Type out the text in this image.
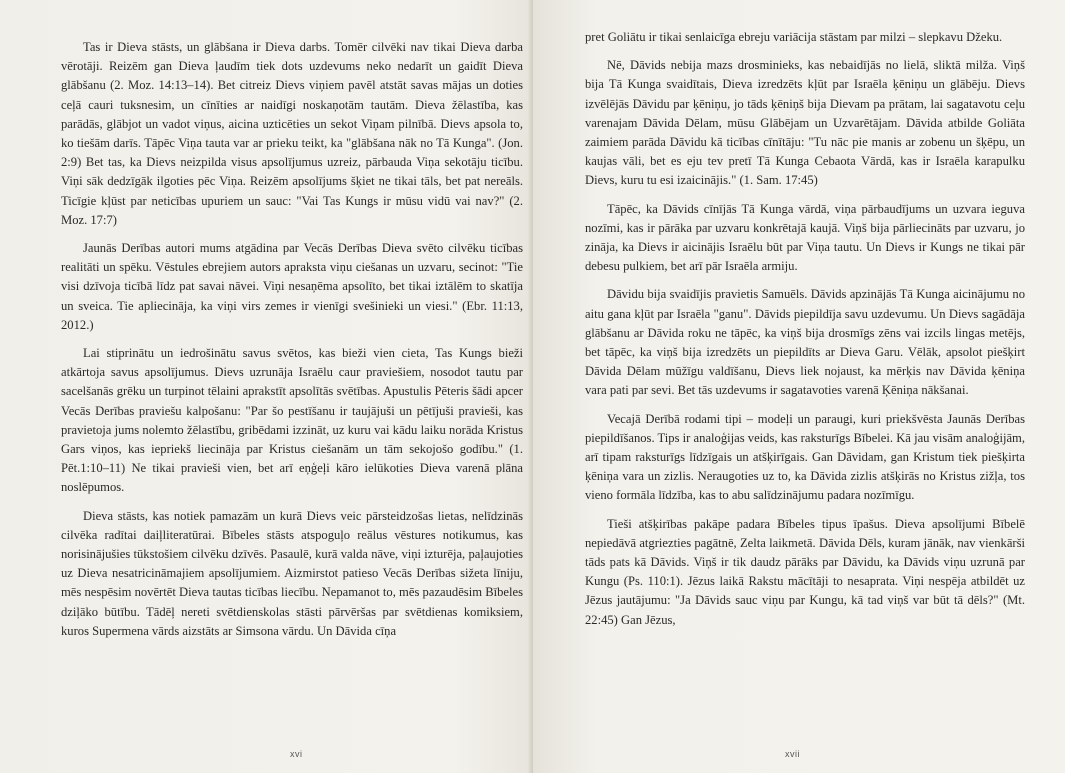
Tas ir Dieva stāsts, un glābšana ir Dieva darbs. Tomēr cilvēki nav tikai Dieva darba vērotāji. Reizēm gan Dieva ļaudīm tiek dots uzdevums neko nedarīt un gaidīt Dieva glābšanu (2. Moz. 14:13–14). Bet citreiz Dievs viņiem pavēl atstāt savas mājas un doties ceļā cauri tuksnesim, un cīnīties ar naidīgi noskaņotām tautām. Dieva žēlastība, kas parādās, glābjot un vadot viņus, aicina uzticēties un sekot Viņam pilnībā. Dievs apsola to, ko tiešām darīs. Tāpēc Viņa tauta var ar prieku teikt, ka "glābšana nāk no Tā Kunga". (Jon. 2:9) Bet tas, ka Dievs neizpilda visus apsolījumus uzreiz, pārbauda Viņa sekotāju ticību. Viņi sāk dedzīgāk ilgoties pēc Viņa. Reizēm apsolījums šķiet ne tikai tāls, bet pat nereāls. Ticīgie kļūst par neticības upuriem un sauc: "Vai Tas Kungs ir mūsu vidū vai nav?" (2. Moz. 17:7)

Jaunās Derības autori mums atgādina par Vecās Derības Dieva svēto cilvēku ticības realitāti un spēku. Vēstules ebrejiem autors apraksta viņu ciešanas un uzvaru, secinot: "Tie visi dzīvoja ticībā līdz pat savai nāvei. Viņi nesaņēma apsolīto, bet tikai iztālēm to skatīja un sveica. Tie apliecināja, ka viņi virs zemes ir vienīgi svešinieki un viesi." (Ebr. 11:13, 2012.)

Lai stiprinātu un iedrošinātu savus svētos, kas bieži vien cieta, Tas Kungs bieži atkārtoja savus apsolījumus. Dievs uzrunāja Israēlu caur praviešiem, nosodot tautu par sacelšanās grēku un turpinot tēlaini aprakstīt apsolītās svētības. Apustulis Pēteris šādi apcer Vecās Derības praviešu kalpošanu: "Par šo pestīšanu ir taujājuši un pētījuši pravieši, kas pravietoja jums nolemto žēlastību, gribēdami izzināt, uz kuru vai kādu laiku norāda Kristus Gars viņos, kas iepriekš liecināja par Kristus ciešanām un tām sekojošo godību." (1. Pēt.1:10–11) Ne tikai pravieši vien, bet arī eņģeļi kāro ielūkoties Dieva varenā plāna noslēpumos.

Dieva stāsts, kas notiek pamazām un kurā Dievs veic pārsteidzošas lietas, nelīdzinās cilvēka radītai daiļliteratūrai. Bībeles stāsts atspoguļo reālus vēstures notikumus, kas norisinājušies tūkstošiem cilvēku dzīvēs. Pasaulē, kurā valda nāve, viņi izturēja, paļaujoties uz Dieva nesatricināmajiem apsolījumiem. Aizmirstot patieso Vecās Derības sižeta līniju, mēs nespēsim novērtēt Dieva tautas ticības liecību. Nepamanot to, mēs pazaudēsim Bībeles dziļāko būtību. Tādēļ nereti svētdienskolas stāsti pārvēršas par svētdienas komiksiem, kuros Supermena vārds aizstāts ar Simsona vārdu. Un Dāvida cīņa

xvi

pret Goliātu ir tikai senlaicīga ebreju variācija stāstam par milzi – slepkavu Džeku.

Nē, Dāvids nebija mazs drosminieks, kas nebaidījās no lielā, sliktā milža. Viņš bija Tā Kunga svaidītais, Dieva izredzēts kļūt par Israēla ķēniņu un glābēju. Dievs izvēlējās Dāvidu par ķēniņu, jo tāds ķēniņš bija Dievam pa prātam, lai sagatavotu ceļu varenajam Dāvida Dēlam, mūsu Glābējam un Uzvarētājam. Dāvida atbilde Goliāta zaimiem parāda Dāvidu kā ticības cīnītāju: "Tu nāc pie manis ar zobenu un šķēpu, un kaujas vāli, bet es eju tev pretī Tā Kunga Cebaota Vārdā, kas ir Israēla karapulku Dievs, kuru tu esi izaicinājis." (1. Sam. 17:45)

Tāpēc, ka Dāvids cīnījās Tā Kunga vārdā, viņa pārbaudījums un uzvara ieguva nozīmi, kas ir pārāka par uzvaru konkrētajā kaujā. Viņš bija pārliecināts par uzvaru, jo zināja, ka Dievs ir aicinājis Israēlu būt par Viņa tautu. Un Dievs ir Kungs ne tikai pār debesu pulkiem, bet arī pār Israēla armiju.

Dāvidu bija svaidījis pravietis Samuēls. Dāvids apzinājās Tā Kunga aicinājumu no aitu gana kļūt par Israēla "ganu". Dāvids piepildīja savu uzdevumu. Un Dievs sagādāja glābšanu ar Dāvida roku ne tāpēc, ka viņš bija drosmīgs zēns vai izcils lingas metējs, bet tāpēc, ka viņš bija izredzēts un piepildīts ar Dieva Garu. Vēlāk, apsolot piešķirt Dāvida Dēlam mūžīgu valdīšanu, Dievs liek nojaust, ka mērķis nav Dāvida ķēniņa vara pati par sevi. Bet tās uzdevums ir sagatavoties varenā Ķēniņa nākšanai.

Vecajā Derībā rodami tipi – modeļi un paraugi, kuri priekšvēsta Jaunās Derības piepildīšanos. Tips ir analoģijas veids, kas raksturīgs Bībelei. Kā jau visām analoģijām, arī tipam raksturīgs līdzīgais un atšķirīgais. Gan Dāvidam, gan Kristum tiek piešķirta ķēniņa vara un zizlis. Neraugoties uz to, ka Dāvida zizlis atšķirās no Kristus zižļa, tos vieno formāla līdzība, kas to abu salīdzinājumu padara nozīmīgu.

Tieši atšķirības pakāpe padara Bībeles tipus īpašus. Dieva apsolījumi Bībelē nepiedāvā atgriezties pagātnē, Zelta laikmetā. Dāvida Dēls, kuram jānāk, nav vienkārši tāds pats kā Dāvids. Viņš ir tik daudz pārāks par Dāvidu, ka Dāvids viņu uzrunā par Kungu (Ps. 110:1). Jēzus laikā Rakstu mācītāji to nesaprata. Viņi nespēja atbildēt uz Jēzus jautājumu: "Ja Dāvids sauc viņu par Kungu, kā tad viņš var būt tā dēls?" (Mt. 22:45) Gan Jēzus,

xvii
